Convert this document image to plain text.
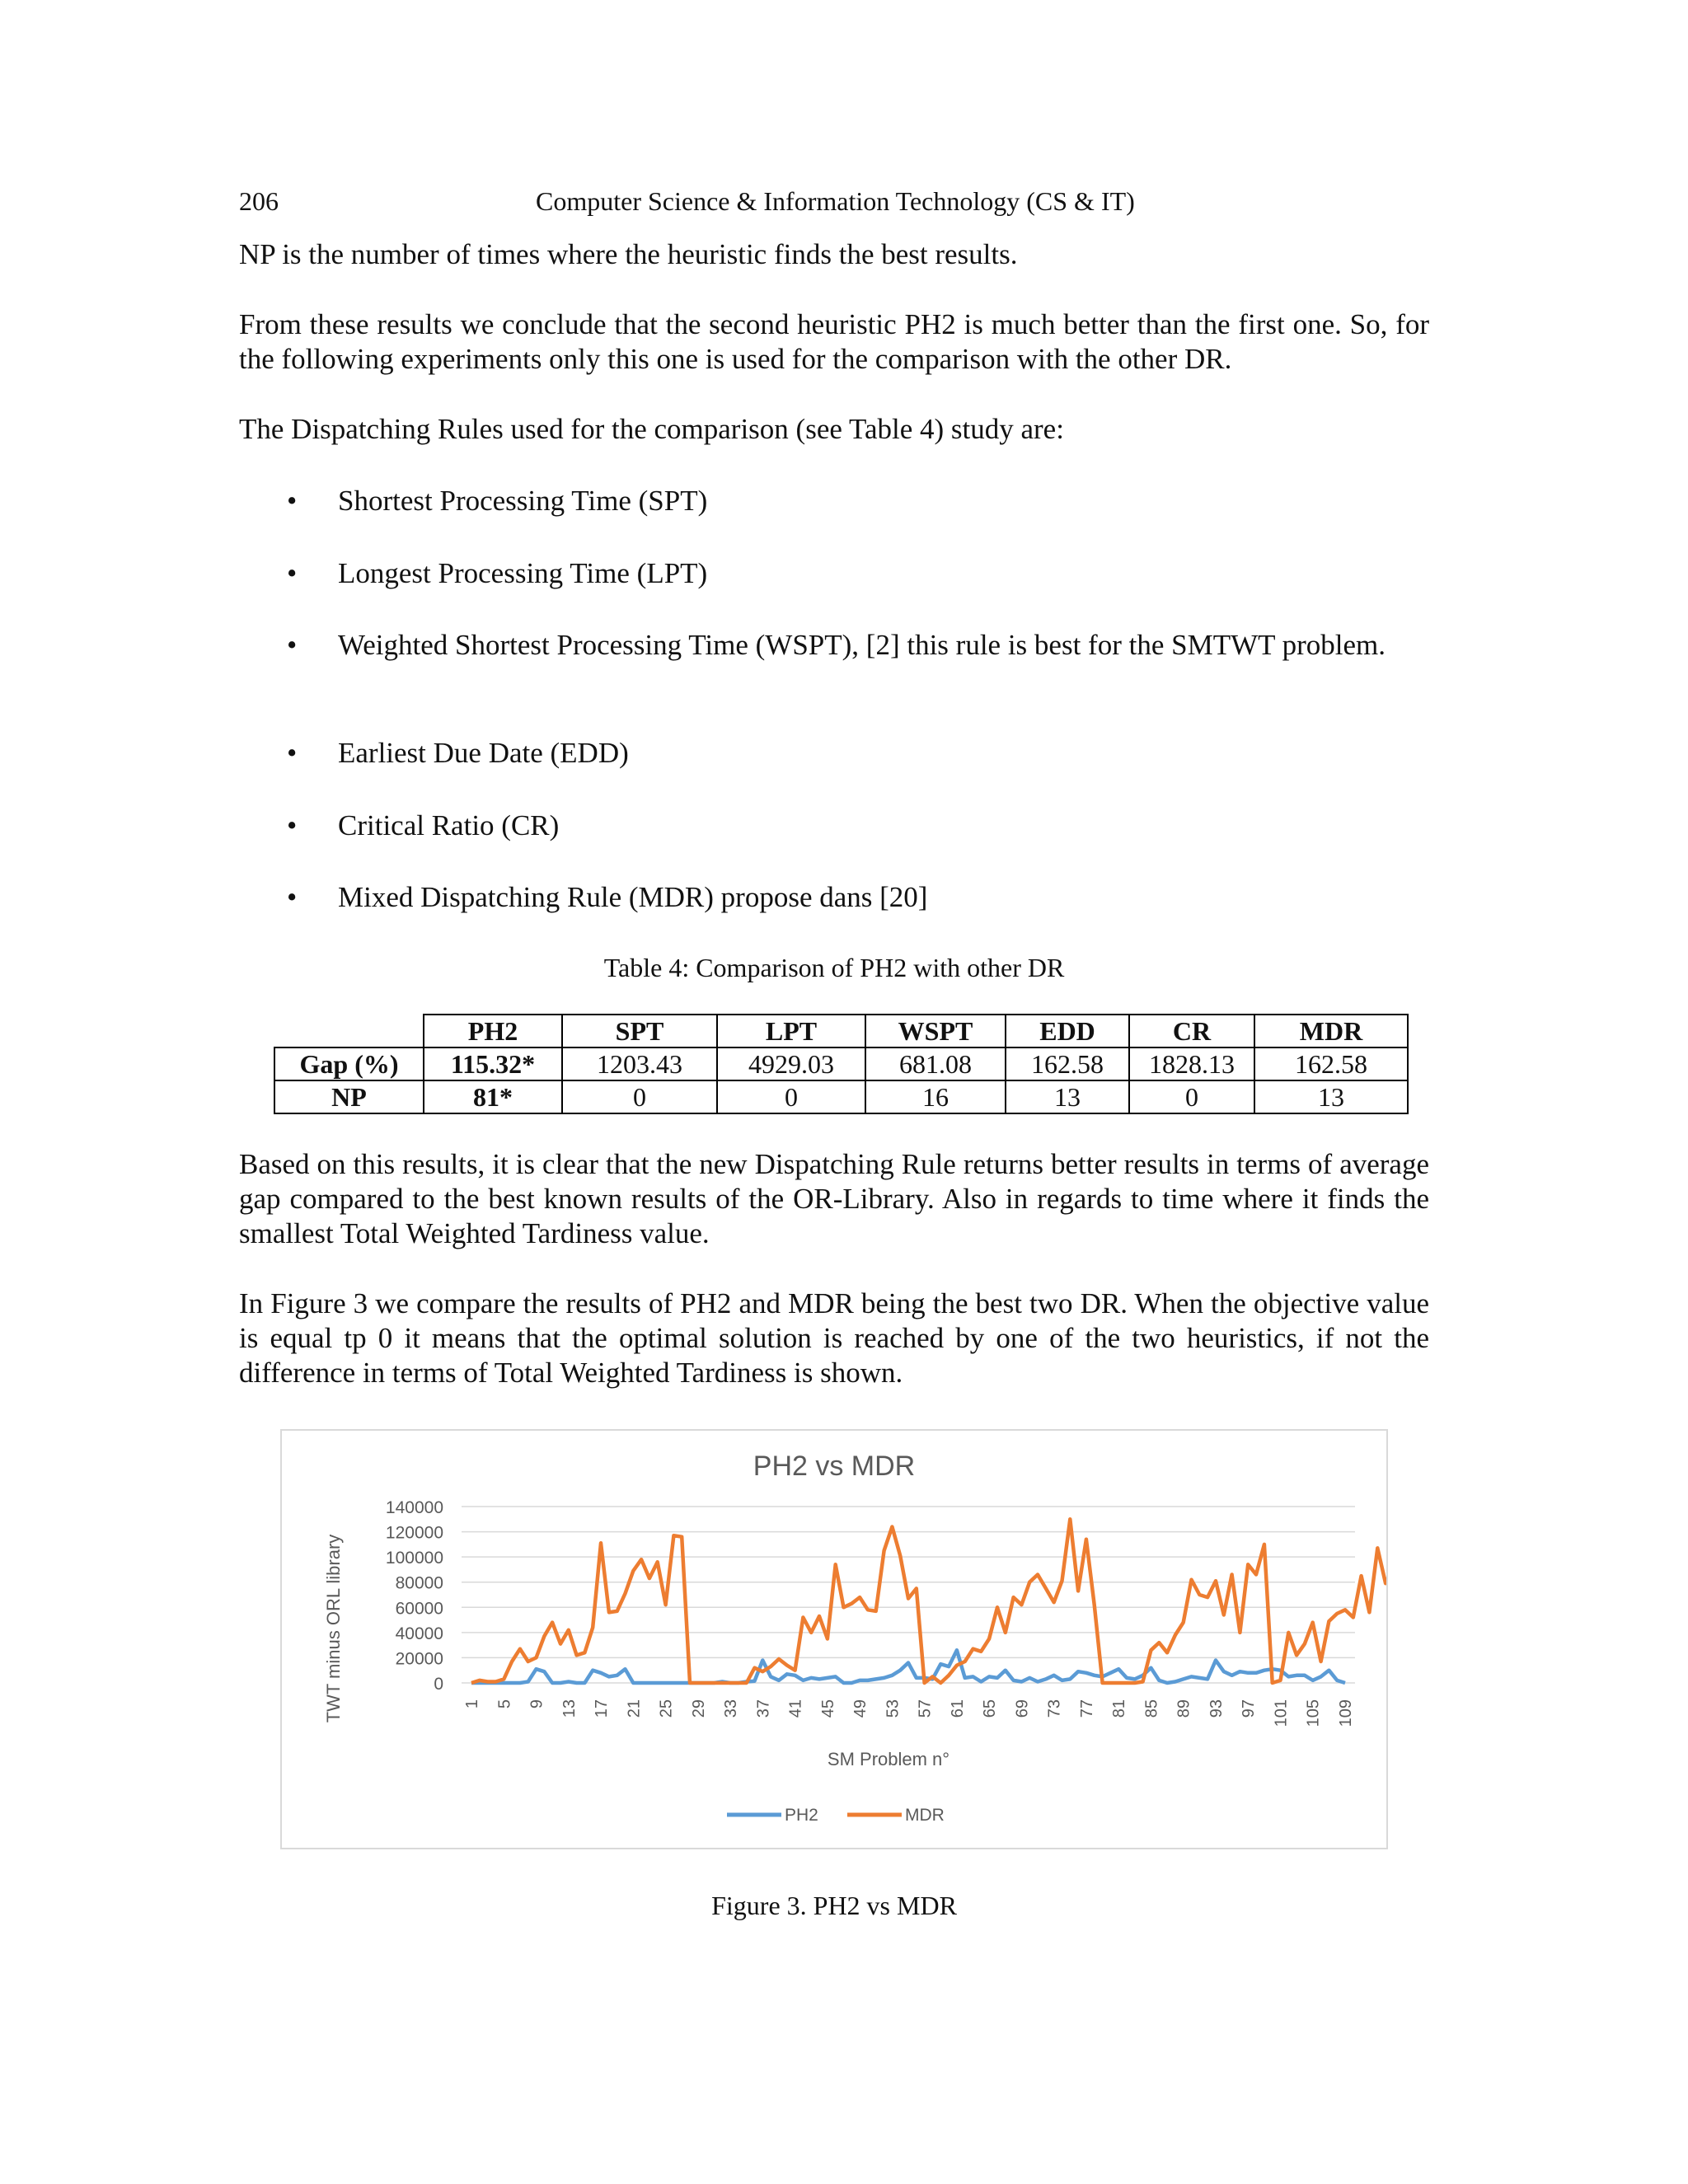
206	Computer Science & Information Technology (CS & IT)

NP is the number of times where the heuristic finds the best results.

From these results we conclude that the second heuristic PH2 is much better than the first one. So, for the following experiments only this one is used for the comparison with the other DR.

The Dispatching Rules used for the comparison (see Table 4) study are:

• Shortest Processing Time (SPT)
• Longest Processing Time (LPT)
• Weighted Shortest Processing Time (WSPT), [2] this rule is best for the SMTWT problem.
• Earliest Due Date (EDD)
• Critical Ratio (CR)
• Mixed Dispatching Rule (MDR) propose dans [20]
Table 4: Comparison of PH2 with other DR
	PH2	SPT	LPT	WSPT	EDD	CR	MDR
Gap (%)	115.32*	1203.43	4929.03	681.08	162.58	1828.13	162.58
NP	81*	0	0	16	13	0	13

Based on this results, it is clear that the new Dispatching Rule returns better results in terms of average gap compared to the best known results of the OR-Library. Also in regards to time where it finds the smallest Total Weighted Tardiness value.

In Figure 3 we compare the results of PH2 and MDR being the best two DR. When the objective value is equal tp 0 it means that the optimal solution is reached by one of the two heuristics, if not the difference in terms of Total Weighted Tardiness is shown.

PH2 vs MDR
0
20000
40000
60000
80000
100000
120000
140000
1 5 9 13 17 21 25 29 33 37 41 45 49 53 57 61 65 69 73 77 81 85 89 93 97 101 105 109
TWT minus ORL library
SM Problem n°
PH2	MDR
Figure 3. PH2 vs MDR
